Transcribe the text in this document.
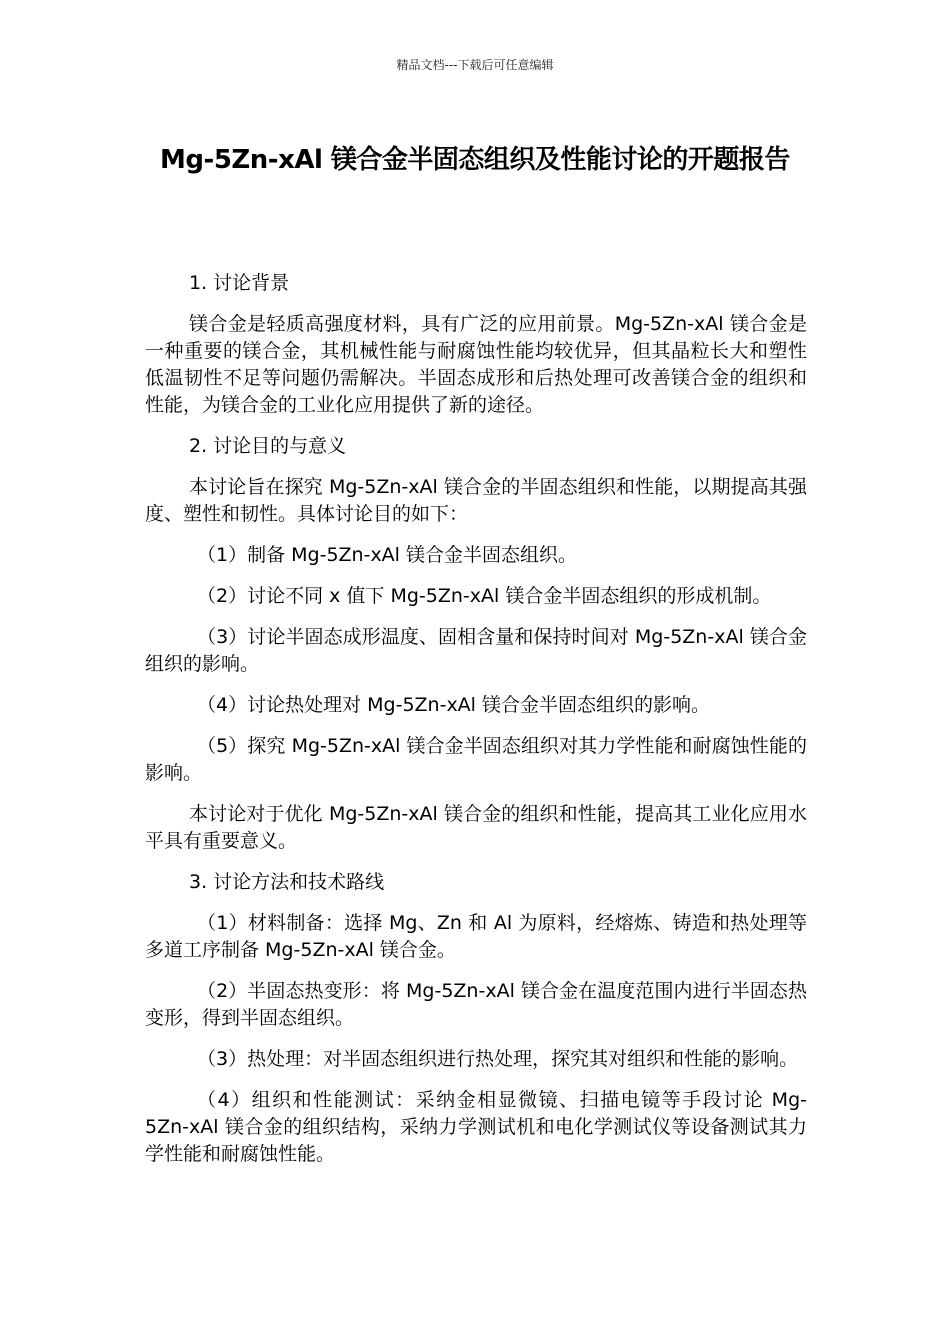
精品文档---下载后可任意编辑
Mg-5Zn-xAl 镁合金半固态组织及性能讨论的开题报告

1. 讨论背景

镁合金是轻质高强度材料，具有广泛的应用前景。Mg-5Zn-xAl 镁合金是一种重要的镁合金，其机械性能与耐腐蚀性能均较优异，但其晶粒长大和塑性低温韧性不足等问题仍需解决。半固态成形和后热处理可改善镁合金的组织和性能，为镁合金的工业化应用提供了新的途径。

2. 讨论目的与意义

本讨论旨在探究 Mg-5Zn-xAl 镁合金的半固态组织和性能，以期提高其强度、塑性和韧性。具体讨论目的如下：

（1）制备 Mg-5Zn-xAl 镁合金半固态组织。

（2）讨论不同 x 值下 Mg-5Zn-xAl 镁合金半固态组织的形成机制。

（3）讨论半固态成形温度、固相含量和保持时间对 Mg-5Zn-xAl 镁合金组织的影响。

（4）讨论热处理对 Mg-5Zn-xAl 镁合金半固态组织的影响。

（5）探究 Mg-5Zn-xAl 镁合金半固态组织对其力学性能和耐腐蚀性能的影响。

本讨论对于优化 Mg-5Zn-xAl 镁合金的组织和性能，提高其工业化应用水平具有重要意义。

3. 讨论方法和技术路线

（1）材料制备：选择 Mg、Zn 和 Al 为原料，经熔炼、铸造和热处理等多道工序制备 Mg-5Zn-xAl 镁合金。

（2）半固态热变形：将 Mg-5Zn-xAl 镁合金在温度范围内进行半固态热变形，得到半固态组织。

（3）热处理：对半固态组织进行热处理，探究其对组织和性能的影响。

（4）组织和性能测试：采纳金相显微镜、扫描电镜等手段讨论 Mg-5Zn-xAl 镁合金的组织结构，采纳力学测试机和电化学测试仪等设备测试其力学性能和耐腐蚀性能。
